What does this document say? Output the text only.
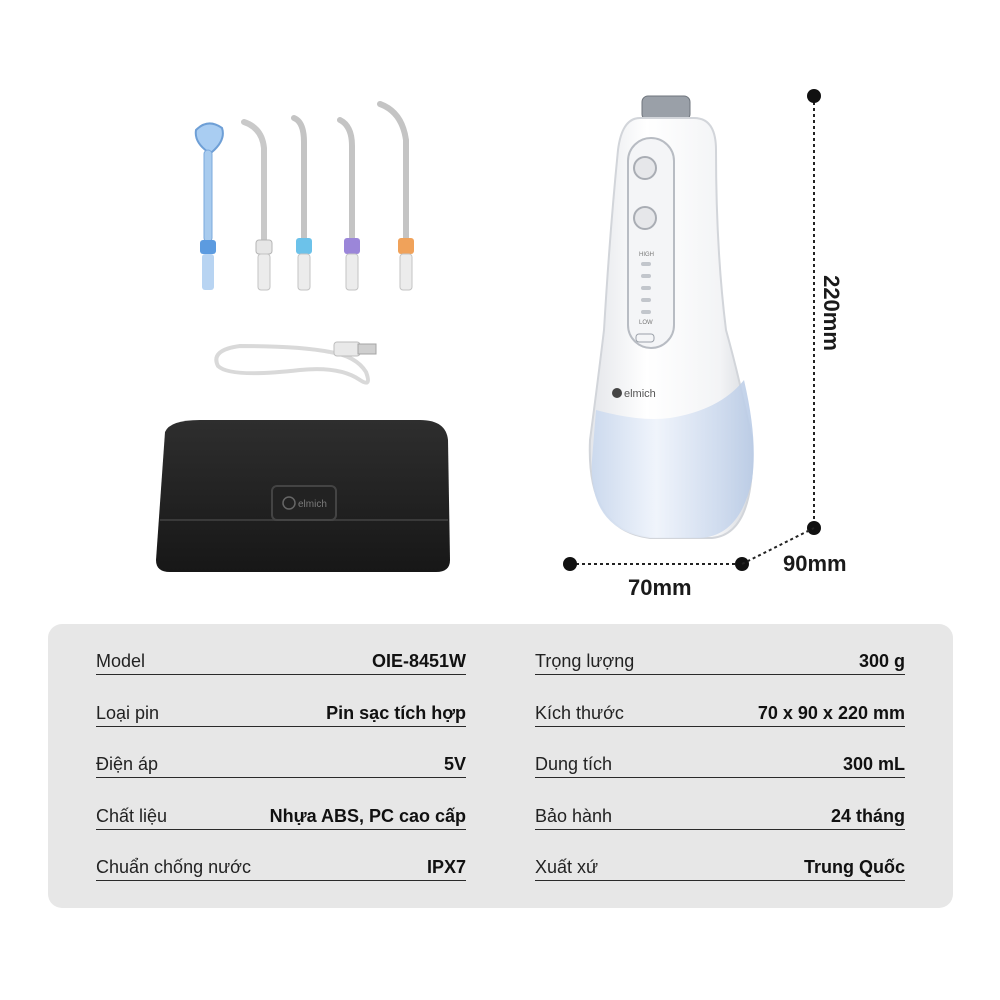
elmich
HIGH
LOW
elmich
220mm
70mm
90mm
Model	OIE-8451W
Loại pin	Pin sạc tích hợp
Điện áp	5V
Chất liệu	Nhựa ABS, PC cao cấp
Chuẩn chống nước	IPX7
Trọng lượng	300 g
Kích thước	70 x 90 x 220 mm
Dung tích	300 mL
Bảo hành	24 tháng
Xuất xứ	Trung Quốc
